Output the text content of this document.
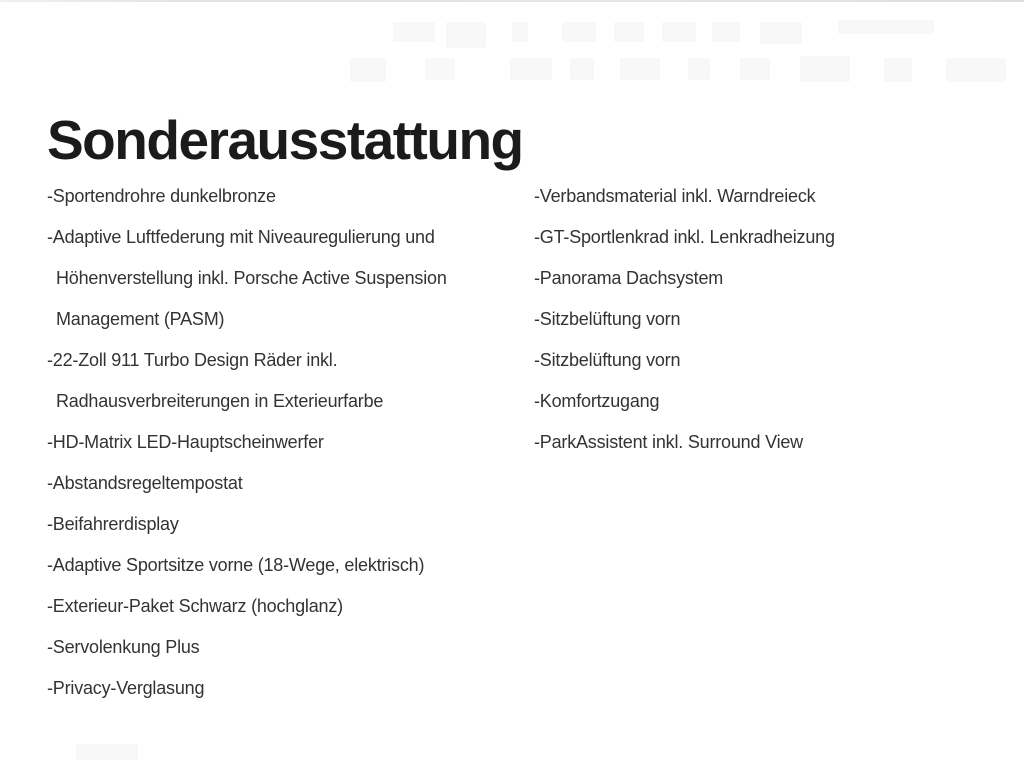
Sonderausstattung
-Sportendrohre dunkelbronze
-Adaptive Luftfederung mit Niveauregulierung und
Höhenverstellung inkl. Porsche Active Suspension
Management (PASM)
-22-Zoll 911 Turbo Design Räder inkl.
Radhausverbreiterungen in Exterieurfarbe
-HD-Matrix LED-Hauptscheinwerfer
-Abstandsregeltempostat
-Beifahrerdisplay
-Adaptive Sportsitze vorne (18-Wege, elektrisch)
-Exterieur-Paket Schwarz (hochglanz)
-Servolenkung Plus
-Privacy-Verglasung
-Verbandsmaterial inkl. Warndreieck
-GT-Sportlenkrad inkl. Lenkradheizung
-Panorama Dachsystem
-Sitzbelüftung vorn
-Sitzbelüftung vorn
-Komfortzugang
-ParkAssistent inkl. Surround View
